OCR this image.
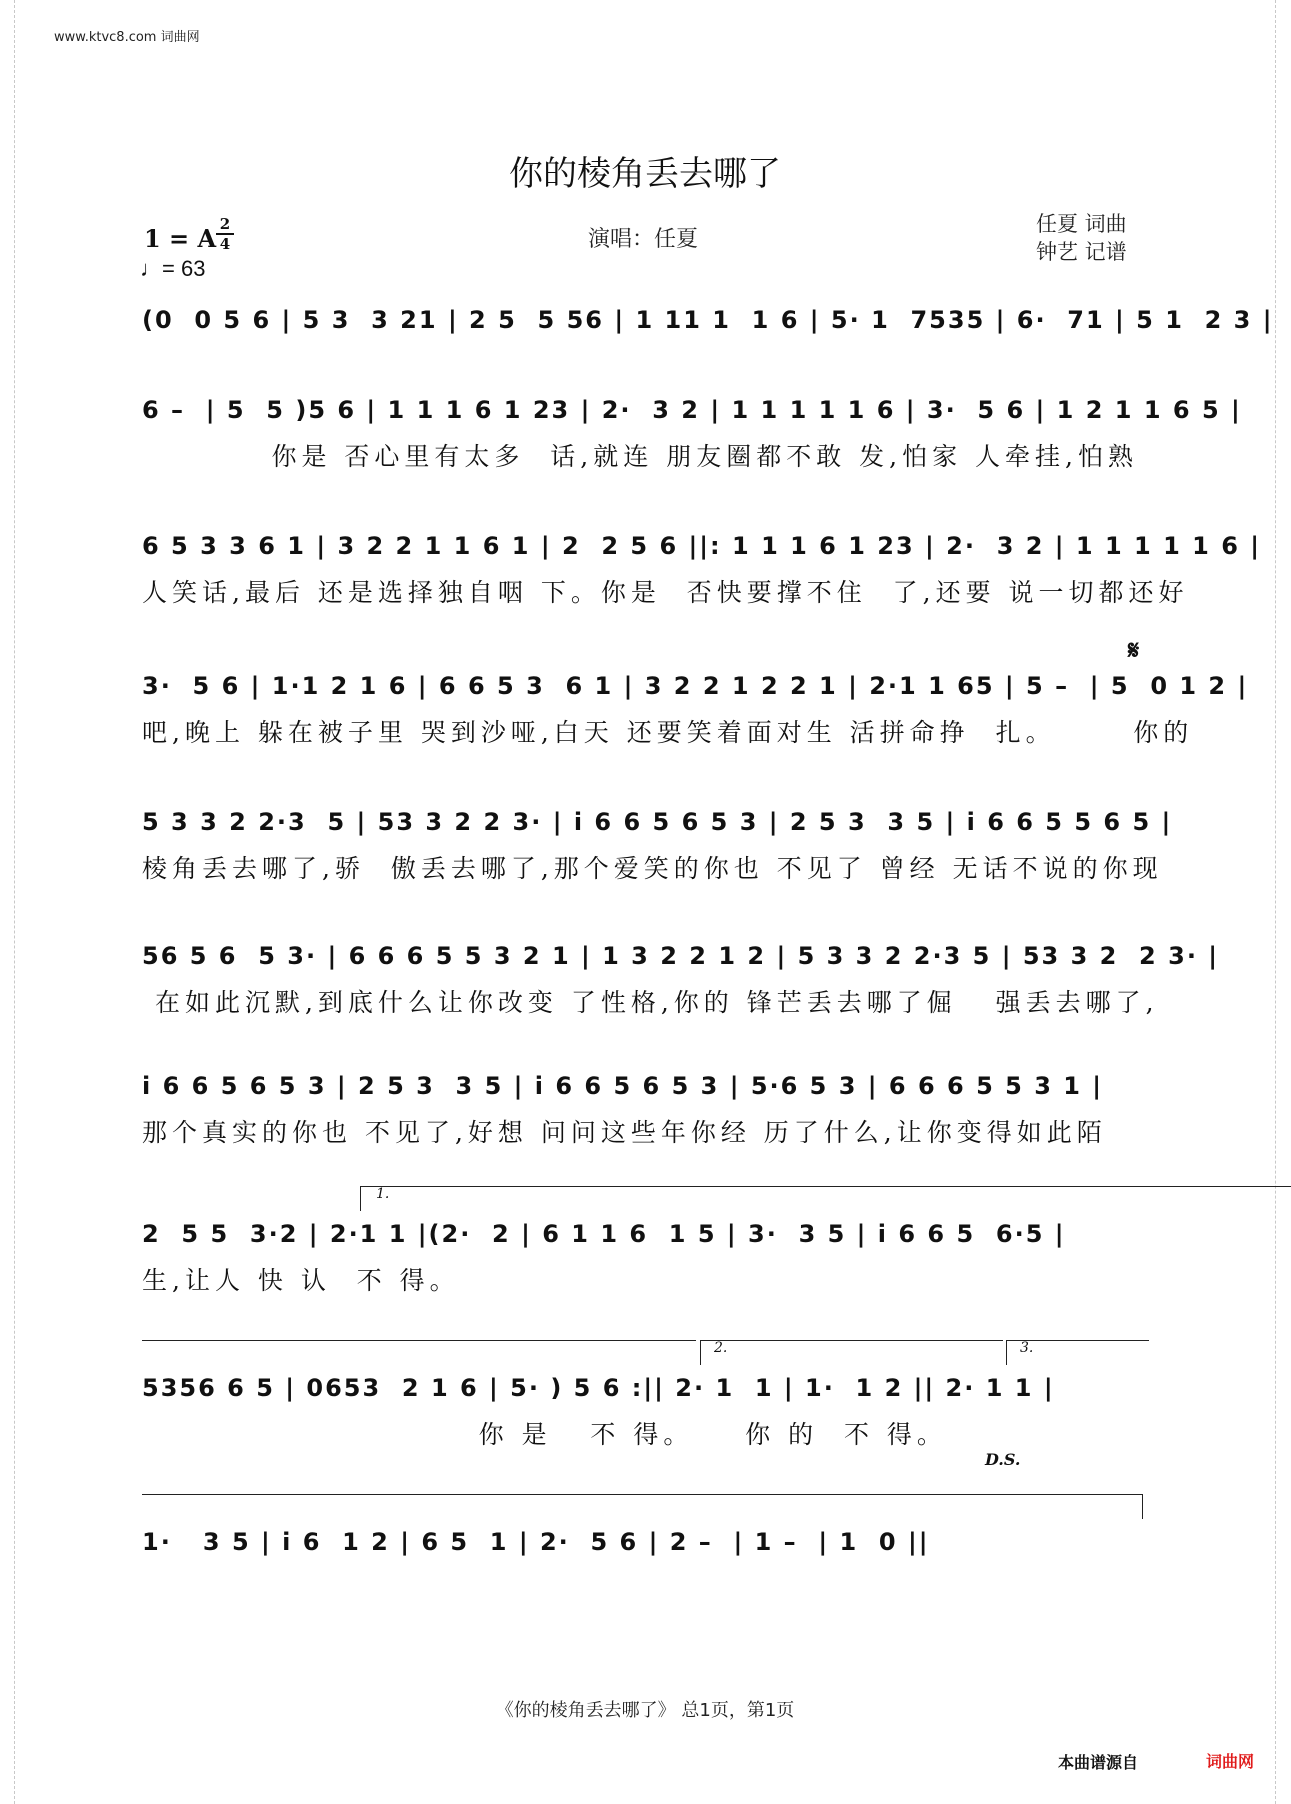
www.ktvc8.com 词曲网
你的棱角丢去哪了
1 = A 2
4
♩= 63
演唱：任夏
任夏 词曲
钟艺 记谱
(0  0 5 6 | 5 3  3 21 | 2 5  5 56 | 1 11 1  1 6 | 5· 1  7535 | 6·  71 | 5 1  2 3 |
6 –  | 5  5 )5 6 | 1 1 1 6 1 23 | 2·  3 2 | 1 1 1 1 1 6 | 3·  5 6 | 1 2 1 1 6 5 |
你是 否心里有太多  话,就连 朋友圈都不敢 发,怕家 人牵挂,怕熟
6 5 3 3 6 1 | 3 2 2 1 1 6 1 | 2  2 5 6 ||: 1 1 1 6 1 23 | 2·  3 2 | 1 1 1 1 1 6 |
人笑话,最后 还是选择独自咽 下。你是  否快要撑不住  了,还要 说一切都还好
3·  5 6 | 1·1 2 1 6 | 6 6 5 3  6 1 | 3 2 2 1 2 2 1 | 2·1 1 65 | 5 –  | 5  0 1 2 |
吧,晚上 躲在被子里 哭到沙哑,白天 还要笑着面对生 活拼命挣  扎。      你的
𝄋
5 3 3 2 2·3  5 | 53 3 2 2 3· | i 6 6 5 6 5 3 | 2 5 3  3 5 | i 6 6 5 5 6 5 |
棱角丢去哪了,骄  傲丢去哪了,那个爱笑的你也 不见了 曾经 无话不说的你现
56 5 6  5 3· | 6 6 6 5 5 3 2 1 | 1 3 2 2 1 2 | 5 3 3 2 2·3 5 | 53 3 2  2 3· |
在如此沉默,到底什么让你改变 了性格,你的 锋芒丢去哪了倔   强丢去哪了,
i 6 6 5 6 5 3 | 2 5 3  3 5 | i 6 6 5 6 5 3 | 5·6 5 3 | 6 6 6 5 5 3 1 |
那个真实的你也 不见了,好想 问问这些年你经 历了什么,让你变得如此陌
1.
2  5 5  3·2 | 2·1 1 |(2·  2 | 6 1 1 6  1 5 | 3·  3 5 | i 6 6 5  6·5 |
生,让人 快 认  不 得。
2.	3.
5356 6 5 | 0653  2 1 6 | 5· ) 5 6 :|| 2· 1  1 | 1·  1 2 || 2· 1 1 |
你 是   不 得。    你 的  不 得。
D.S.
1·   3 5 | i 6  1 2 | 6 5  1 | 2·  5 6 | 2 –  | 1 –  | 1  0 ||
《你的棱角丢去哪了》 总1页，第1页
本曲谱源自	词曲网
